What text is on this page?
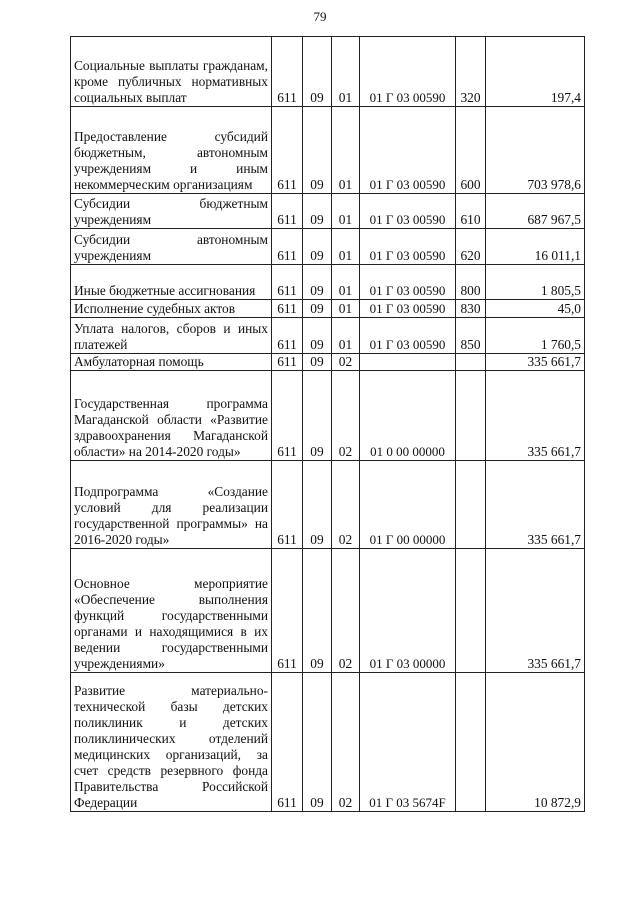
79
Социальные выплаты гражданам, кроме публичных нормативных социальных выплат	611	09	01	01 Г 03 00590	320	197,4
Предоставление субсидий бюджетным, автономным учреждениям и иным некоммерческим организациям	611	09	01	01 Г 03 00590	600	703 978,6
Субсидии бюджетным учреждениям	611	09	01	01 Г 03 00590	610	687 967,5
Субсидии автономным учреждениям	611	09	01	01 Г 03 00590	620	16 011,1
Иные бюджетные ассигнования	611	09	01	01 Г 03 00590	800	1 805,5
Исполнение судебных актов	611	09	01	01 Г 03 00590	830	45,0
Уплата налогов, сборов и иных платежей	611	09	01	01 Г 03 00590	850	1 760,5
Амбулаторная помощь	611	09	02			335 661,7
Государственная программа Магаданской области «Развитие здравоохранения Магаданской области» на 2014-2020 годы»	611	09	02	01 0 00 00000		335 661,7
Подпрограмма «Создание условий для реализации государственной программы» на 2016-2020 годы»	611	09	02	01 Г 00 00000		335 661,7
Основное мероприятие «Обеспечение выполнения функций государственными органами и находящимися в их ведении государственными учреждениями»	611	09	02	01 Г 03 00000		335 661,7
Развитие материально-технической базы детских поликлиник и детских поликлинических отделений медицинских организаций, за счет средств резервного фонда Правительства Российской Федерации	611	09	02	01 Г 03 5674F		10 872,9
